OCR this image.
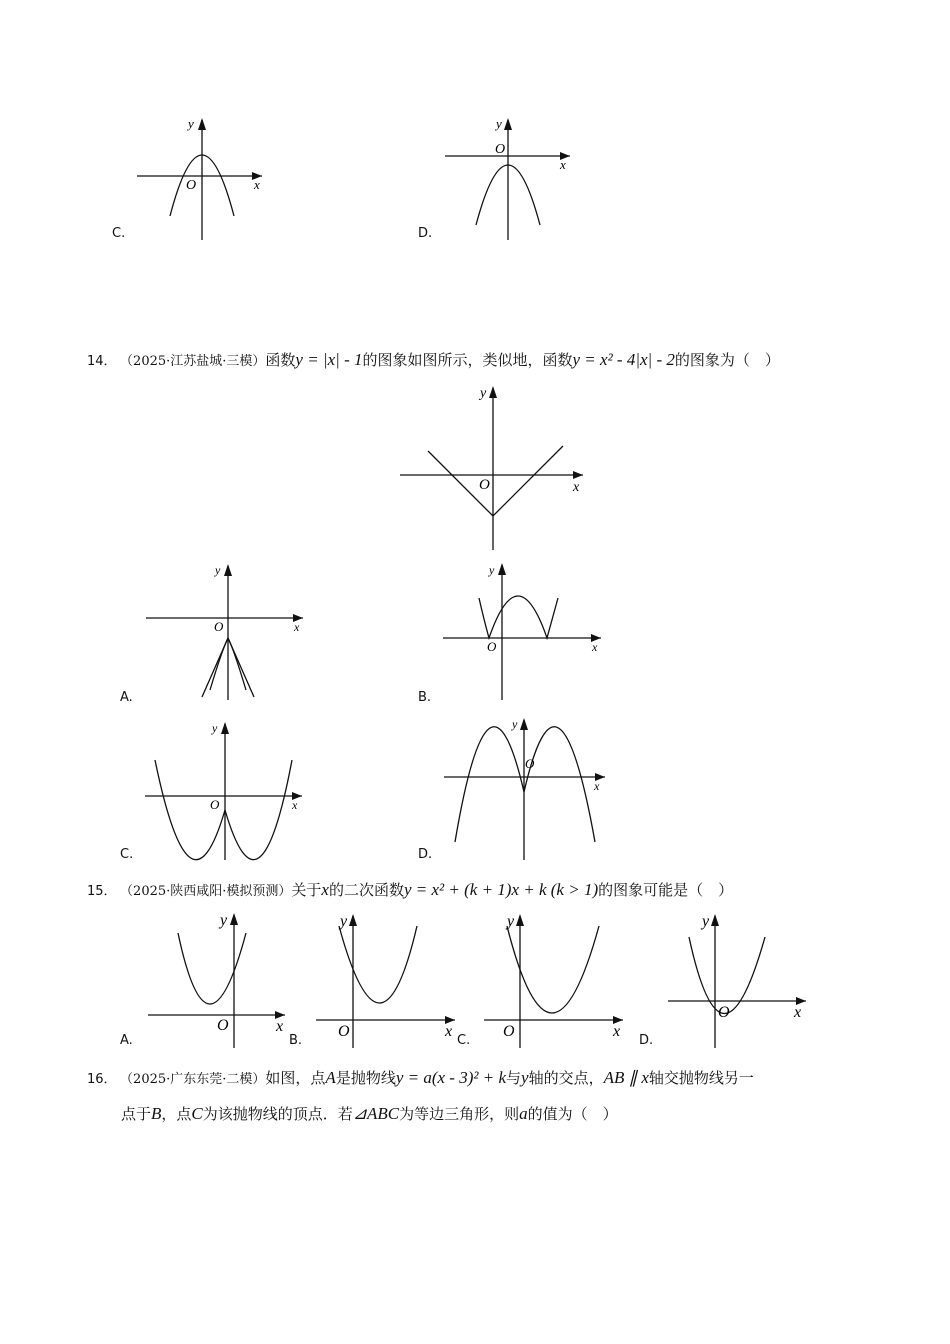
x
y
O
C.
x
y
O
D.
14． （2025·江苏盐城·三模）函数y = |x| - 1的图象如图所示，类似地，函数y = x² - 4|x| - 2的图象为（　）
x
y
O
x
y
O
A.
x
y
O
B.
x
y
O
C.
x
y
O
D.
15． （2025·陕西咸阳·模拟预测）关于x的二次函数y = x² + (k + 1)x + k (k > 1)的图象可能是（　）
x
y
O
A.
x
y
O
B.
x
y
O
C.
x
y
O
D.
16． （2025·广东东莞·二模）如图，点A是抛物线y = a(x - 3)² + k与y轴的交点，AB ∥ x轴交抛物线另一
点于B，点C为该抛物线的顶点．若⊿ABC为等边三角形，则a的值为（　）
